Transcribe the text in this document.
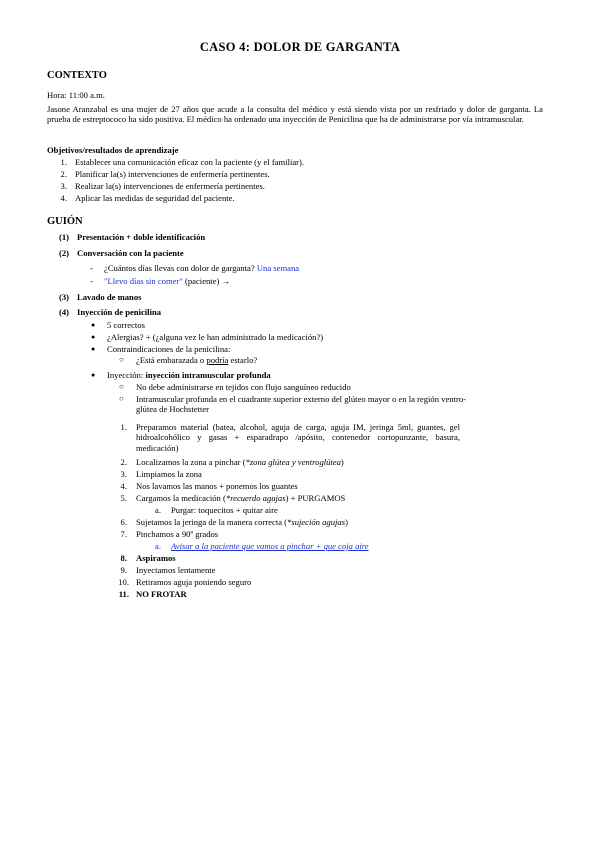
CASO 4: DOLOR DE GARGANTA
CONTEXTO

Hora: 11:00 a.m.

Jasone Aranzabal es una mujer de 27 años que acude a la consulta del médico y está siendo vista por un resfriado y dolor de garganta. La prueba de estreptococo ha sido positiva. El médico ha ordenado una inyección de Penicilina que ha de administrarse por vía intramuscular.

Objetivos/resultados de aprendizaje
1. Establecer una comunicación eficaz con la paciente (y el familiar).
2. Planificar la(s) intervenciones de enfermería pertinentes.
3. Realizar la(s) intervenciones de enfermería pertinentes.
4. Aplicar las medidas de seguridad del paciente.
GUIÓN
(1) Presentación + doble identificación
(2) Conversación con la paciente
- ¿Cuántos días llevas con dolor de garganta? Una semana
- "Llevo días sin comer" (paciente) →
(3) Lavado de manos
(4) Inyección de penicilina
● 5 correctos
● ¿Alergias? + (¿alguna vez le han administrado la medicación?)
● Contraindicaciones de la penicilina:
○ ¿Está embarazada o podría estarlo?
● Inyección: inyección intramuscular profunda
○ No debe administrarse en tejidos con flujo sanguíneo reducido
○ Intramuscular profunda en el cuadrante superior externo del glúteo mayor o en la región ventro-glútea de Hochstetter

1. Preparamos material (batea, alcohol, aguja de carga, aguja IM, jeringa 5ml, guantes, gel hidroalcohólico y gasas + esparadrapo /apósito, contenedor cortopunzante, basura, medicación)

2. Localizamos la zona a pinchar (*zona glútea y ventroglútea)
3. Limpiamos la zona
4. Nos lavamos las manos + ponemos los guantes
5. Cargamos la medicación (*recuerdo agujas) + PURGAMOS
a. Purgar: toquecitos + quitar aire
6. Sujetamos la jeringa de la manera correcta (*sujeción agujas)
7. Pinchamos a 90º grados
a. Avisar a la paciente que vamos a pinchar + que coja aire
8. Aspiramos
9. Inyectamos lentamente
10. Retiramos aguja poniendo seguro
11. NO FROTAR
